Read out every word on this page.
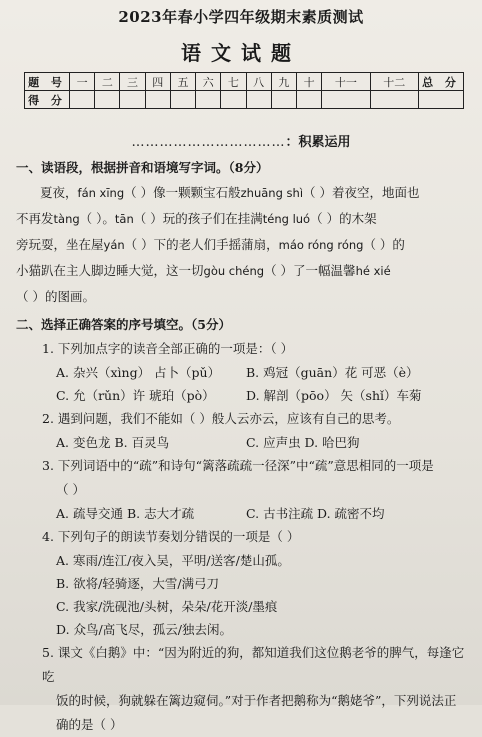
2023年春小学四年级期末素质测试
语文试题
题 号	一	二	三	四	五	六	七	八	九	十	十一	十二	总 分
得 分													
……………………………：积累运用
一、读语段，根据拼音和语境写字词。（8分）
夏夜，fán xīng（ ）像一颗颗宝石般zhuāng shì（ ）着夜空，地面也

不再发tàng（ ）。tān（ ）玩的孩子们在挂满téng luó（ ）的木架
旁玩耍，坐在屋yán（ ）下的老人们手摇蒲扇，máo róng róng（ ）的
小猫趴在主人脚边睡大觉，这一切gòu chéng（ ）了一幅温馨hé xié
（ ）的图画。
二、选择正确答案的序号填空。（5分）
1. 下列加点字的读音全部正确的一项是：（ ）
A. 杂兴（xìng） 占卜（pǔ）	B. 鸡冠（guān）花 可恶（è）
C. 允（rǔn）许 琥珀（pò）	D. 解剖（pōo） 矢（shǐ）车菊
2. 遇到问题，我们不能如（ ）般人云亦云，应该有自己的思考。
A. 变色龙 B. 百灵鸟	C. 应声虫 D. 哈巴狗
3. 下列词语中的“疏”和诗句“篱落疏疏一径深”中“疏”意思相同的一项是
（ ）
A. 疏导交通 B. 志大才疏	C. 古书注疏 D. 疏密不均
4. 下列句子的朗读节奏划分错误的一项是（ ）
A. 寒雨/连江/夜入吴，平明/送客/楚山孤。
B. 欲将/轻骑逐，大雪/满弓刀
C. 我家/洗砚池/头树，朵朵/花开淡/墨痕
D. 众鸟/高飞尽，孤云/独去闲。
5. 课文《白鹅》中：“因为附近的狗，都知道我们这位鹅老爷的脾气，每逢它吃
饭的时候，狗就躲在篱边窥伺。”对于作者把鹅称为“鹅姥爷”，下列说法正
确的是（ ）
